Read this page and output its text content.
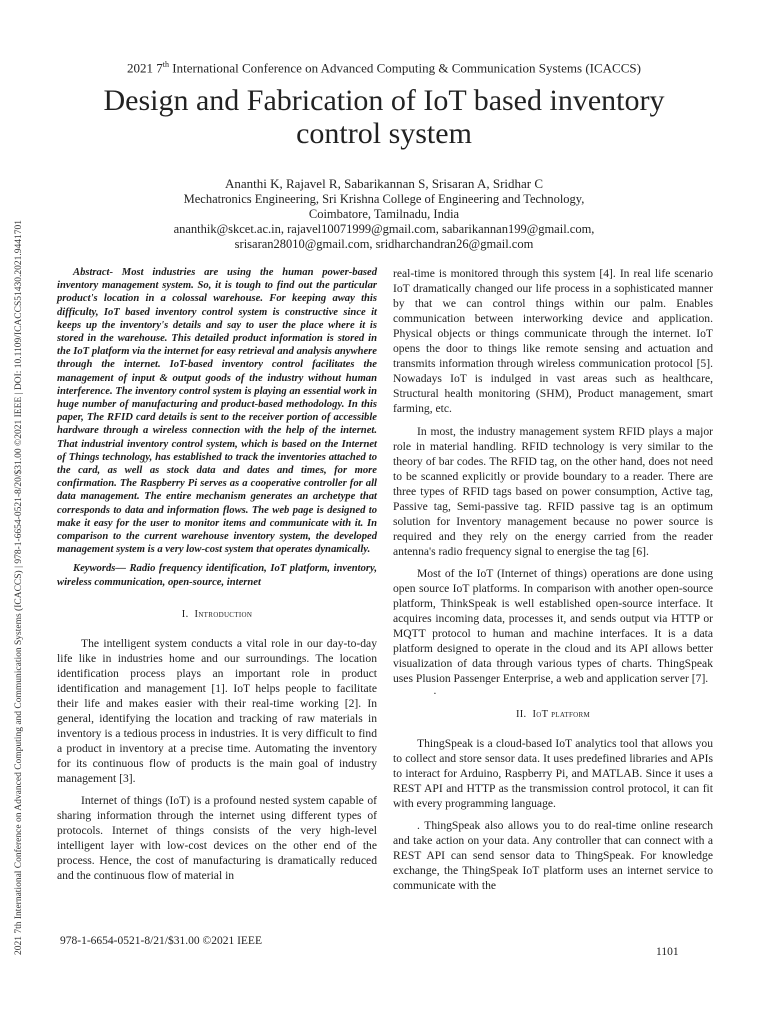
2021 7th International Conference on Advanced Computing and Communication Systems (ICACCS) | 978-1-6654-0521-8/20/$31.00 ©2021 IEEE | DOI: 10.1109/ICACCS51430.2021.9441701
2021 7th International Conference on Advanced Computing & Communication Systems (ICACCS)
Design and Fabrication of IoT based inventory control system
Ananthi K, Rajavel R, Sabarikannan S, Srisaran A, Sridhar C
Mechatronics Engineering, Sri Krishna College of Engineering and Technology,
Coimbatore, Tamilnadu, India
ananthik@skcet.ac.in, rajavel10071999@gmail.com, sabarikannan199@gmail.com,
srisaran28010@gmail.com, sridharchandran26@gmail.com

Abstract- Most industries are using the human power-based inventory management system. So, it is tough to find out the particular product's location in a colossal warehouse. For keeping away this difficulty, IoT based inventory control system is constructive since it keeps up the inventory's details and say to user the place where it is stored in the warehouse. This detailed product information is stored in the IoT platform via the internet for easy retrieval and analysis anywhere through the internet. IoT-based inventory control facilitates the management of input & output goods of the industry without human interference. The inventory control system is playing an essential work in huge number of manufacturing and product-based methodology. In this paper, The RFID card details is sent to the receiver portion of accessible hardware through a wireless connection with the help of the internet. That industrial inventory control system, which is based on the Internet of Things technology, has established to track the inventories attached to the card, as well as stock data and dates and times, for more confirmation. The Raspberry Pi serves as a cooperative controller for all data management. The entire mechanism generates an archetype that corresponds to data and information flows. The web page is designed to make it easy for the user to monitor items and communicate with it. In comparison to the current warehouse inventory system, the developed management system is a very low-cost system that operates dynamically.

Keywords— Radio frequency identification, IoT platform, inventory, wireless communication, open-source, internet

I. Introduction

The intelligent system conducts a vital role in our day-to-day life like in industries home and our surroundings. The location identification process plays an important role in product identification and management [1]. IoT helps people to facilitate their life and makes easier with their real-time working [2]. In general, identifying the location and tracking of raw materials in inventory is a tedious process in industries. It is very difficult to find a product in inventory at a precise time. Automating the inventory for its continuous flow of products is the main goal of industry management [3].

Internet of things (IoT) is a profound nested system capable of sharing information through the internet using different types of protocols. Internet of things consists of the very high-level intelligent layer with low-cost devices on the other end of the process. Hence, the cost of manufacturing is dramatically reduced and the continuous flow of material in

real-time is monitored through this system [4]. In real life scenario IoT dramatically changed our life process in a sophisticated manner by that we can control things within our palm. Enables communication between interworking device and application. Physical objects or things communicate through the internet. IoT opens the door to things like remote sensing and actuation and transmits information through wireless communication protocol [5]. Nowadays IoT is indulged in vast areas such as healthcare, Structural health monitoring (SHM), Product management, smart farming, etc.

In most, the industry management system RFID plays a major role in material handling. RFID technology is very similar to the theory of bar codes. The RFID tag, on the other hand, does not need to be scanned explicitly or provide boundary to a reader. There are three types of RFID tags based on power consumption, Active tag, Passive tag, Semi-passive tag. RFID passive tag is an optimum solution for Inventory management because no power source is required and they rely on the energy carried from the reader antenna's radio frequency signal to energise the tag [6].

Most of the IoT (Internet of things) operations are done using open source IoT platforms. In comparison with another open-source platform, ThinkSpeak is well established open-source interface. It acquires incoming data, processes it, and sends output via HTTP or MQTT protocol to human and machine interfaces. It is a data platform designed to operate in the cloud and its API allows better visualization of data through various types of charts. ThingSpeak uses Plusion Passenger Enterprise, a web and application server [7].

·

II. IoT platform

ThingSpeak is a cloud-based IoT analytics tool that allows you to collect and store sensor data. It uses predefined libraries and APIs to interact for Arduino, Raspberry Pi, and MATLAB. Since it uses a REST API and HTTP as the transmission control protocol, it can fit with every programming language.

. ThingSpeak also allows you to do real-time online research and take action on your data. Any controller that can connect with a REST API can send sensor data to ThingSpeak. For knowledge exchange, the ThingSpeak IoT platform uses an internet service to communicate with the

978-1-6654-0521-8/21/$31.00 ©2021 IEEE
1101
